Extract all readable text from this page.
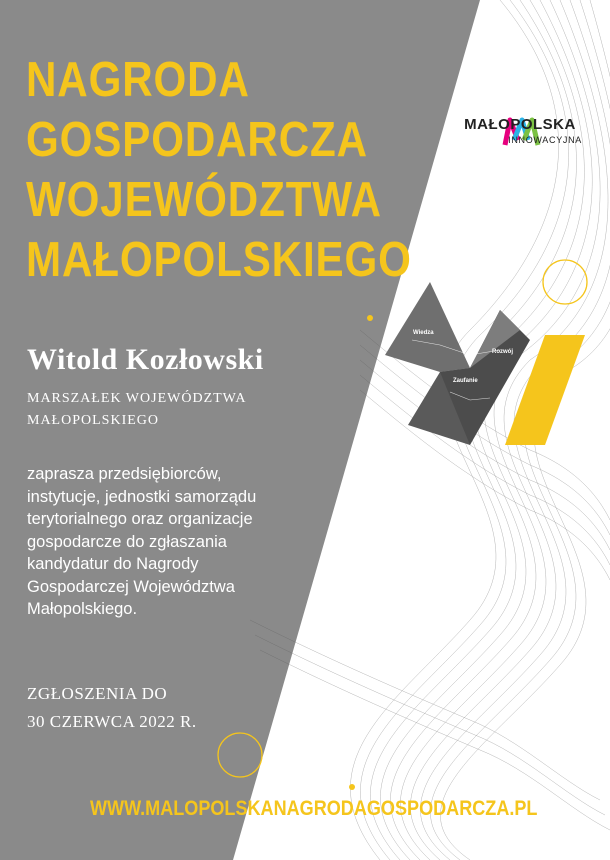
Wiedza
Rozwój
Zaufanie
NAGRODA
GOSPODARCZA
WOJEWÓDZTWA
MAŁOPOLSKIEGO
MAŁOPOLSKA
INNOWACYJNA
Witold Kozłowski
MARSZAŁEK WOJEWÓDZTWA
MAŁOPOLSKIEGO
zaprasza przedsiębiorców, instytucje, jednostki samorządu terytorialnego oraz organizacje gospodarcze do zgłaszania kandydatur do Nagrody Gospodarczej Województwa Małopolskiego.
ZGŁOSZENIA DO
30 CZERWCA 2022 R.
WWW.MALOPOLSKANAGRODAGOSPODARCZA.PL
